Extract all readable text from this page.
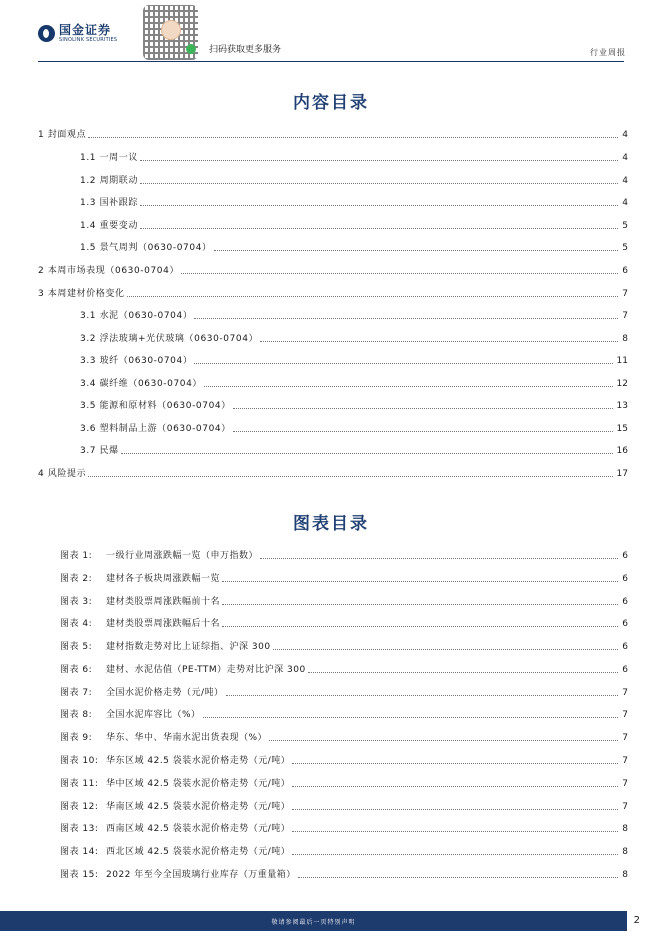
国金证券
SINOLINK SECURITIES
扫码获取更多服务	行业周报
内容目录
1 封面观点	4
1.1 一周一议	4
1.2 周期联动	4
1.3 国补跟踪	4
1.4 重要变动	5
1.5 景气周判（0630-0704）	5
2 本周市场表现（0630-0704）	6
3 本周建材价格变化	7
3.1 水泥（0630-0704）	7
3.2 浮法玻璃+光伏玻璃（0630-0704）	8
3.3 玻纤（0630-0704）	11
3.4 碳纤维（0630-0704）	12
3.5 能源和原材料（0630-0704）	13
3.6 塑料制品上游（0630-0704）	15
3.7 民爆	16
4 风险提示	17
图表目录
图表 1:	一级行业周涨跌幅一览（申万指数）	6
图表 2:	建材各子板块周涨跌幅一览	6
图表 3:	建材类股票周涨跌幅前十名	6
图表 4:	建材类股票周涨跌幅后十名	6
图表 5:	建材指数走势对比上证综指、沪深 300	6
图表 6:	建材、水泥估值（PE-TTM）走势对比沪深 300	6
图表 7:	全国水泥价格走势（元/吨）	7
图表 8:	全国水泥库容比（%）	7
图表 9:	华东、华中、华南水泥出货表现（%）	7
图表 10: 华东区域 42.5 袋装水泥价格走势（元/吨）	7
图表 11: 华中区域 42.5 袋装水泥价格走势（元/吨）	7
图表 12: 华南区域 42.5 袋装水泥价格走势（元/吨）	7
图表 13: 西南区域 42.5 袋装水泥价格走势（元/吨）	8
图表 14: 西北区域 42.5 袋装水泥价格走势（元/吨）	8
图表 15: 2022 年至今全国玻璃行业库存（万重量箱）	8
敬请参阅最后一页特别声明	2
